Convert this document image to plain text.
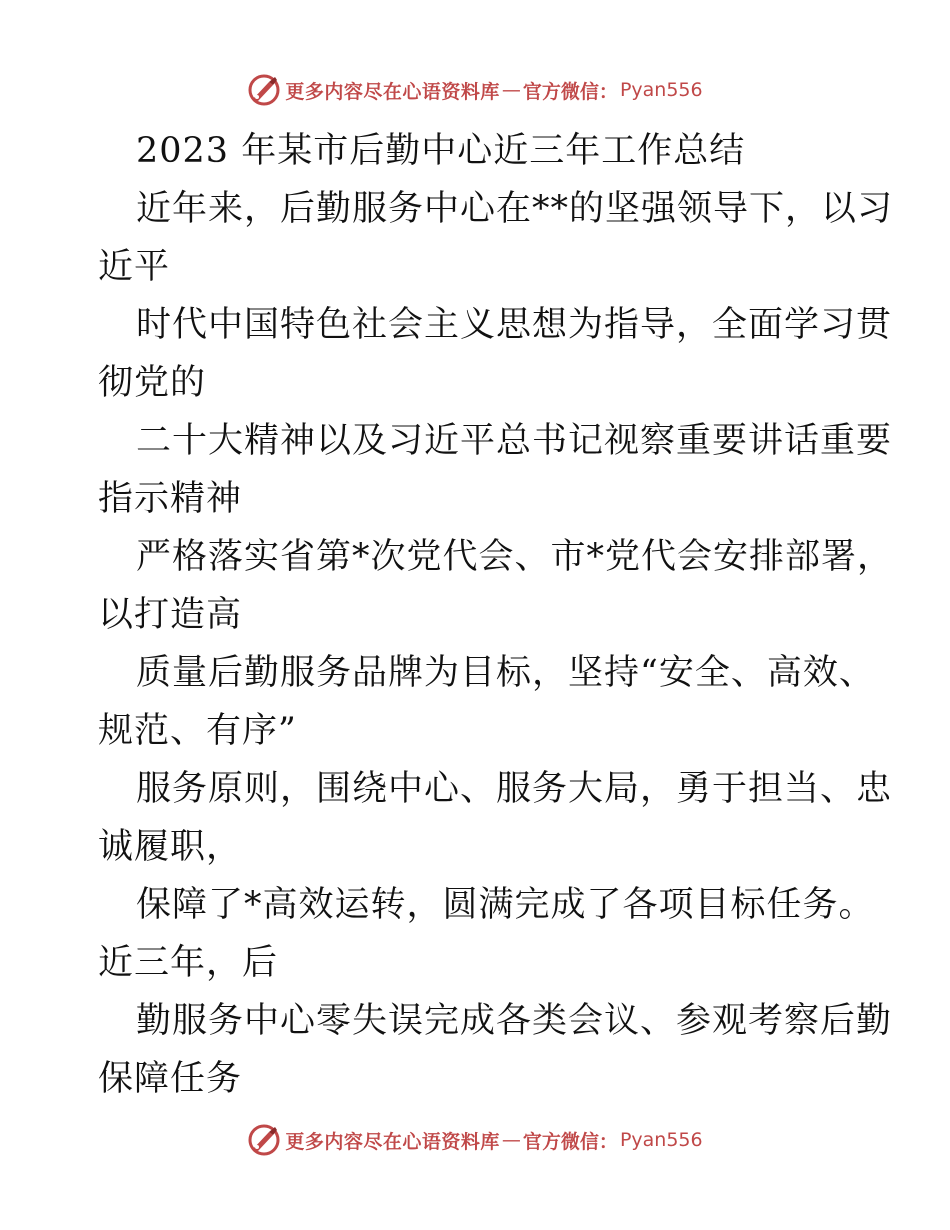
更多内容尽在心语资料库 — 官方微信： Pyan556
2023 年某市后勤中心近三年工作总结
近年来，后勤服务中心在**的坚强领导下，以习
近平
时代中国特色社会主义思想为指导，全面学习贯
彻党的
二十大精神以及习近平总书记视察重要讲话重要
指示精神
严格落实省第*次党代会、市*党代会安排部署，
以打造高
质量后勤服务品牌为目标，坚持“安全、高效、
规范、有序”
服务原则，围绕中心、服务大局，勇于担当、忠
诚履职，
保障了*高效运转，圆满完成了各项目标任务。
近三年，后
勤服务中心零失误完成各类会议、参观考察后勤
保障任务
更多内容尽在心语资料库 — 官方微信： Pyan556
